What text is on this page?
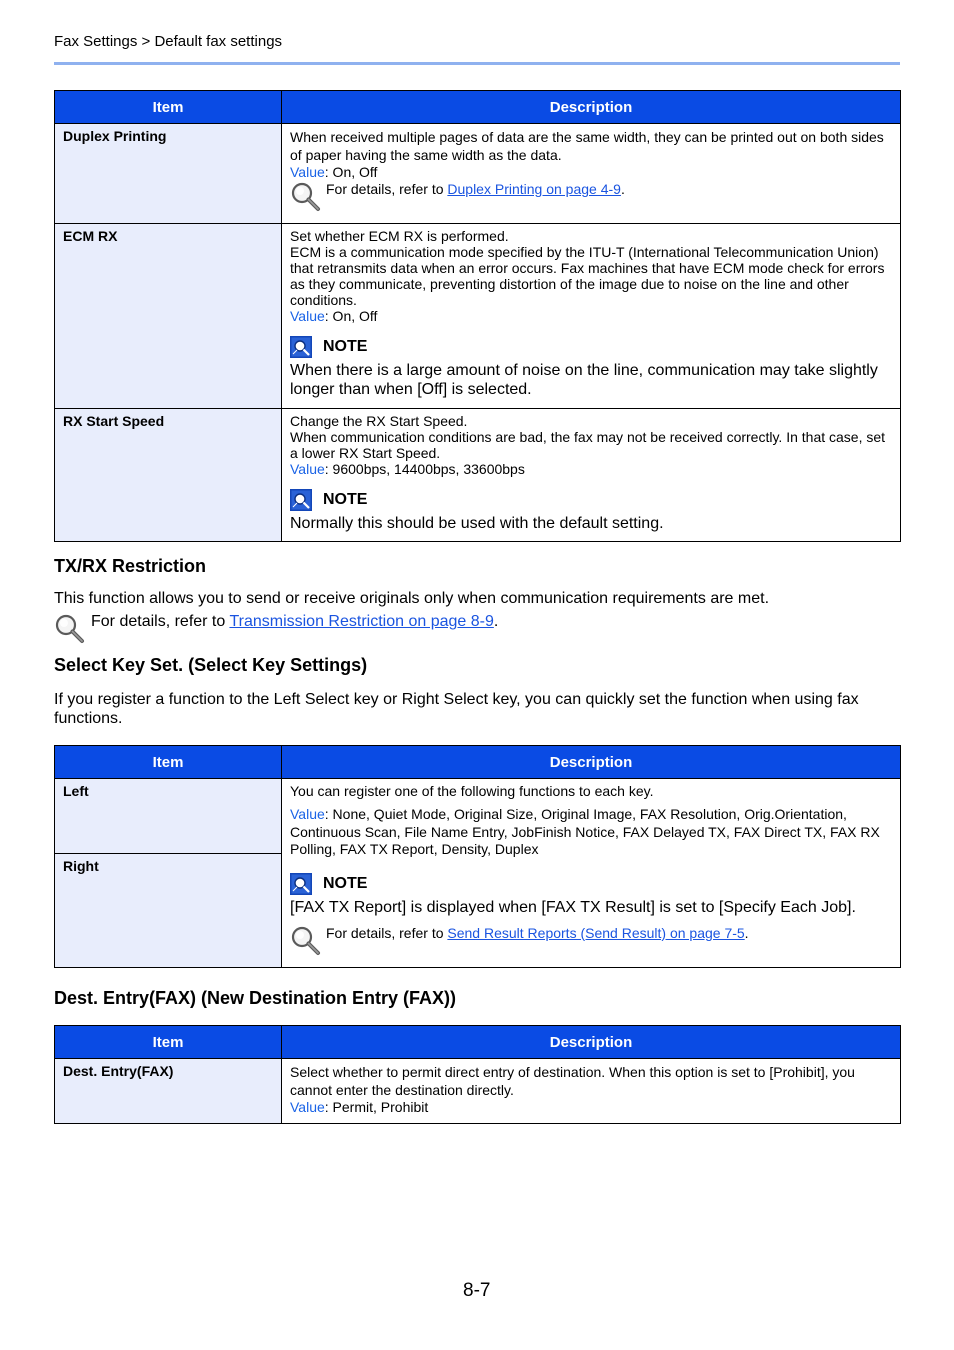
Fax Settings > Default fax settings
Item	Description
Duplex Printing	When received multiple pages of data are the same width, they can be printed out on both sides of paper having the same width as the data.
Value: On, Off
For details, refer to Duplex Printing on page 4-9.

ECM RX	Set whether ECM RX is performed.
ECM is a communication mode specified by the ITU-T (International Telecommunication Union) that retransmits data when an error occurs. Fax machines that have ECM mode check for errors as they communicate, preventing distortion of the image due to noise on the line and other conditions.
Value: On, Off
NOTE
When there is a large amount of noise on the line, communication may take slightly longer than when [Off] is selected.

RX Start Speed	Change the RX Start Speed.
When communication conditions are bad, the fax may not be received correctly. In that case, set a lower RX Start Speed.
Value: 9600bps, 14400bps, 33600bps
NOTE
Normally this should be used with the default setting.
TX/RX Restriction

This function allows you to send or receive originals only when communication requirements are met.

For details, refer to Transmission Restriction on page 8-9.
Select Key Set. (Select Key Settings)

If you register a function to the Left Select key or Right Select key, you can quickly set the function when using fax functions.

Item	Description
Left	You can register one of the following functions to each key.
Value: None, Quiet Mode, Original Size, Original Image, FAX Resolution, Orig.Orientation, Continuous Scan, File Name Entry, JobFinish Notice, FAX Delayed TX, FAX Direct TX, FAX RX Polling, FAX TX Report, Density, Duplex
NOTE
[FAX TX Report] is displayed when [FAX TX Result] is set to [Specify Each Job].
For details, refer to Send Result Reports (Send Result) on page 7-5.

Right	
Dest. Entry(FAX) (New Destination Entry (FAX))
Item	Description
Dest. Entry(FAX)	Select whether to permit direct entry of destination. When this option is set to [Prohibit], you cannot enter the destination directly.
Value: Permit, Prohibit
8-7
